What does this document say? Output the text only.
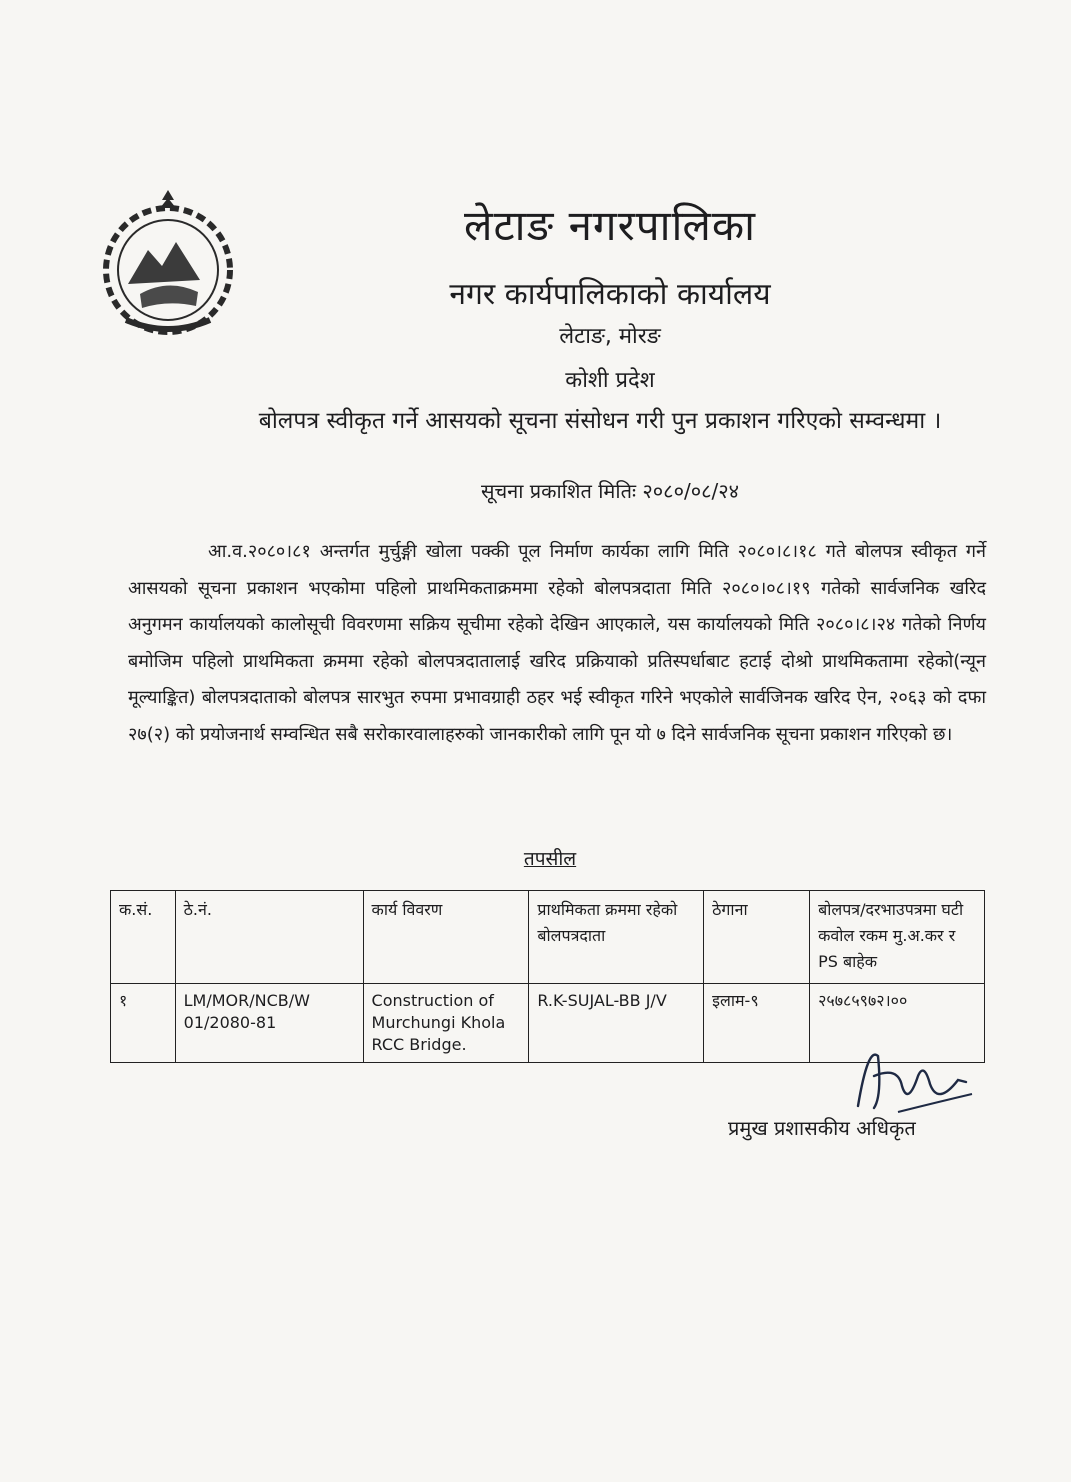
लेटाङ नगरपालिका
नगर कार्यपालिकाको कार्यालय
लेटाङ, मोरङ
कोशी प्रदेश
बोलपत्र स्वीकृत गर्ने आसयको सूचना संसोधन गरी पुन प्रकाशन गरिएको सम्वन्धमा ।
सूचना प्रकाशित मितिः २०८०/०८/२४
आ.व.२०८०।८१ अन्तर्गत मुर्चुङ्गी खोला पक्की पूल निर्माण कार्यका लागि मिति २०८०।८।१८ गते बोलपत्र स्वीकृत गर्ने आसयको सूचना प्रकाशन भएकोमा पहिलो प्राथमिकताक्रममा रहेको बोलपत्रदाता मिति २०८०।०८।१९ गतेको सार्वजनिक खरिद अनुगमन कार्यालयको कालोसूची विवरणमा सक्रिय सूचीमा रहेको देखिन आएकाले, यस कार्यालयको मिति २०८०।८।२४ गतेको निर्णय बमोजिम पहिलो प्राथमिकता क्रममा रहेको बोलपत्रदातालाई खरिद प्रक्रियाको प्रतिस्पर्धाबाट हटाई दोश्रो प्राथमिकतामा रहेको(न्यून मूल्याङ्कित) बोलपत्रदाताको बोलपत्र सारभुत रुपमा प्रभावग्राही ठहर भई स्वीकृत गरिने भएकोले सार्वजिनक खरिद ऐन, २०६३ को दफा २७(२) को प्रयोजनार्थ सम्वन्धित सबै सरोकारवालाहरुको जानकारीको लागि पून यो ७ दिने सार्वजनिक सूचना प्रकाशन गरिएको छ।
तपसील
क.सं.	ठे.नं.	कार्य विवरण	प्राथमिकता क्रममा रहेको बोलपत्रदाता	ठेगाना	बोलपत्र/दरभाउपत्रमा घटी कवोल रकम मु.अ.कर र PS बाहेक
१	LM/MOR/NCB/W 01/2080-81	Construction of Murchungi Khola RCC Bridge.	R.K-SUJAL-BB J/V	इलाम-९	२५७८५९७२।००
प्रमुख प्रशासकीय अधिकृत
